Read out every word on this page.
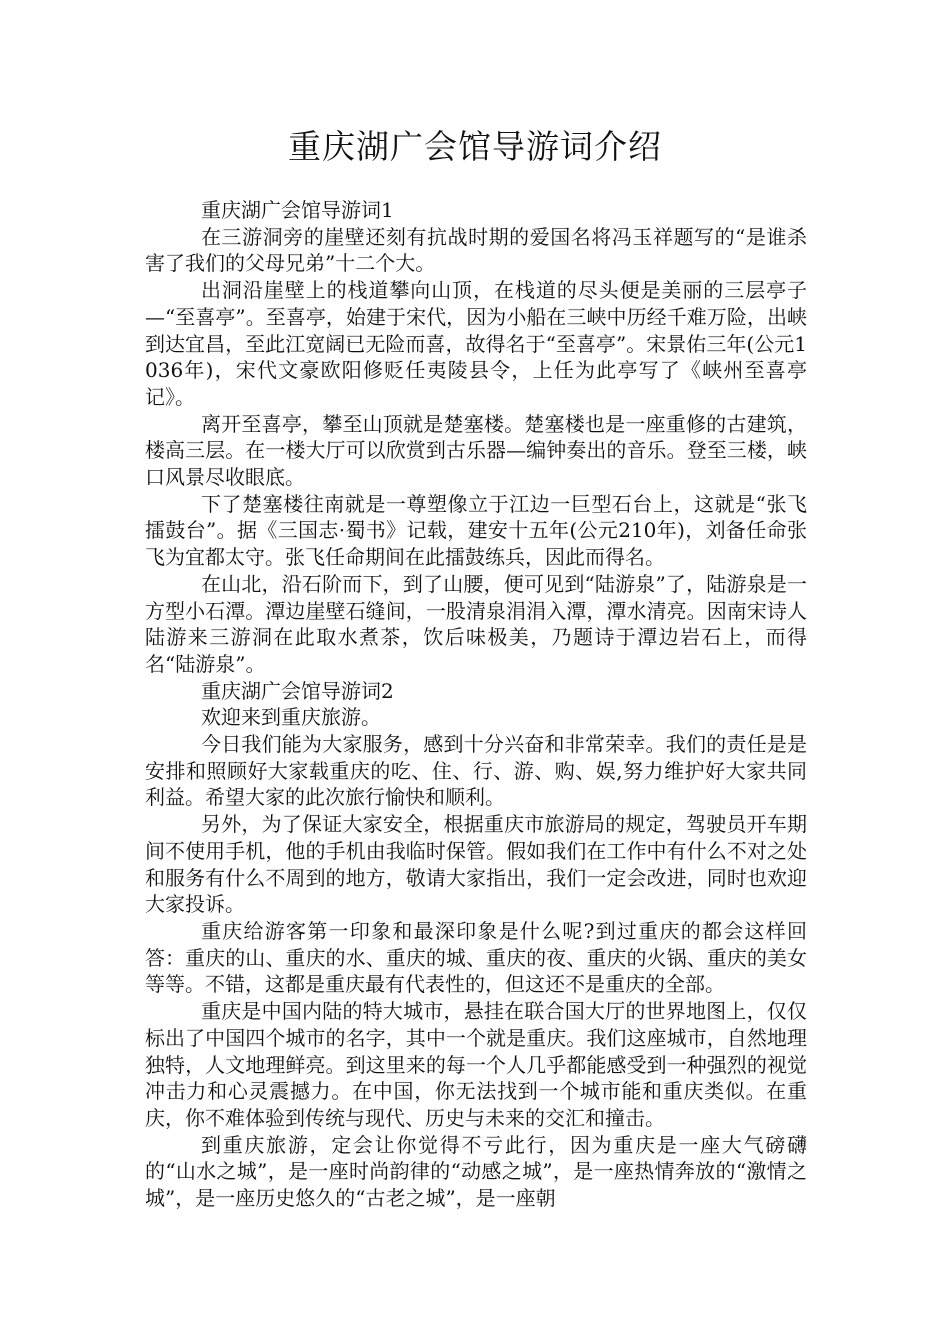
重庆湖广会馆导游词介绍

重庆湖广会馆导游词1

在三游洞旁的崖壁还刻有抗战时期的爱国名将冯玉祥题写的“是谁杀害了我们的父母兄弟”十二个大。

出洞沿崖壁上的栈道攀向山顶，在栈道的尽头便是美丽的三层亭子—“至喜亭”。至喜亭，始建于宋代，因为小船在三峡中历经千难万险，出峡到达宜昌，至此江宽阔已无险而喜，故得名于“至喜亭”。宋景佑三年(公元1036年)，宋代文豪欧阳修贬任夷陵县令，上任为此亭写了《峡州至喜亭记》。

离开至喜亭，攀至山顶就是楚塞楼。楚塞楼也是一座重修的古建筑，楼高三层。在一楼大厅可以欣赏到古乐器—编钟奏出的音乐。登至三楼，峡口风景尽收眼底。

下了楚塞楼往南就是一尊塑像立于江边一巨型石台上，这就是“张飞擂鼓台”。据《三国志·蜀书》记载，建安十五年(公元210年)，刘备任命张飞为宜都太守。张飞任命期间在此擂鼓练兵，因此而得名。

在山北，沿石阶而下，到了山腰，便可见到“陆游泉”了，陆游泉是一方型小石潭。潭边崖壁石缝间，一股清泉涓涓入潭，潭水清亮。因南宋诗人陆游来三游洞在此取水煮茶，饮后味极美，乃题诗于潭边岩石上，而得名“陆游泉”。

重庆湖广会馆导游词2

欢迎来到重庆旅游。

今日我们能为大家服务，感到十分兴奋和非常荣幸。我们的责任是是安排和照顾好大家载重庆的吃、住、行、游、购、娱,努力维护好大家共同利益。希望大家的此次旅行愉快和顺利。

另外，为了保证大家安全，根据重庆市旅游局的规定，驾驶员开车期间不使用手机，他的手机由我临时保管。假如我们在工作中有什么不对之处和服务有什么不周到的地方，敬请大家指出，我们一定会改进，同时也欢迎大家投诉。

重庆给游客第一印象和最深印象是什么呢?到过重庆的都会这样回答：重庆的山、重庆的水、重庆的城、重庆的夜、重庆的火锅、重庆的美女等等。不错，这都是重庆最有代表性的，但这还不是重庆的全部。

重庆是中国内陆的特大城市，悬挂在联合国大厅的世界地图上，仅仅标出了中国四个城市的名字，其中一个就是重庆。我们这座城市，自然地理独特，人文地理鲜亮。到这里来的每一个人几乎都能感受到一种强烈的视觉冲击力和心灵震撼力。在中国，你无法找到一个城市能和重庆类似。在重庆，你不难体验到传统与现代、历史与未来的交汇和撞击。

到重庆旅游，定会让你觉得不亏此行，因为重庆是一座大气磅礴的“山水之城”，是一座时尚韵律的“动感之城”，是一座热情奔放的“激情之城”，是一座历史悠久的“古老之城”，是一座朝
